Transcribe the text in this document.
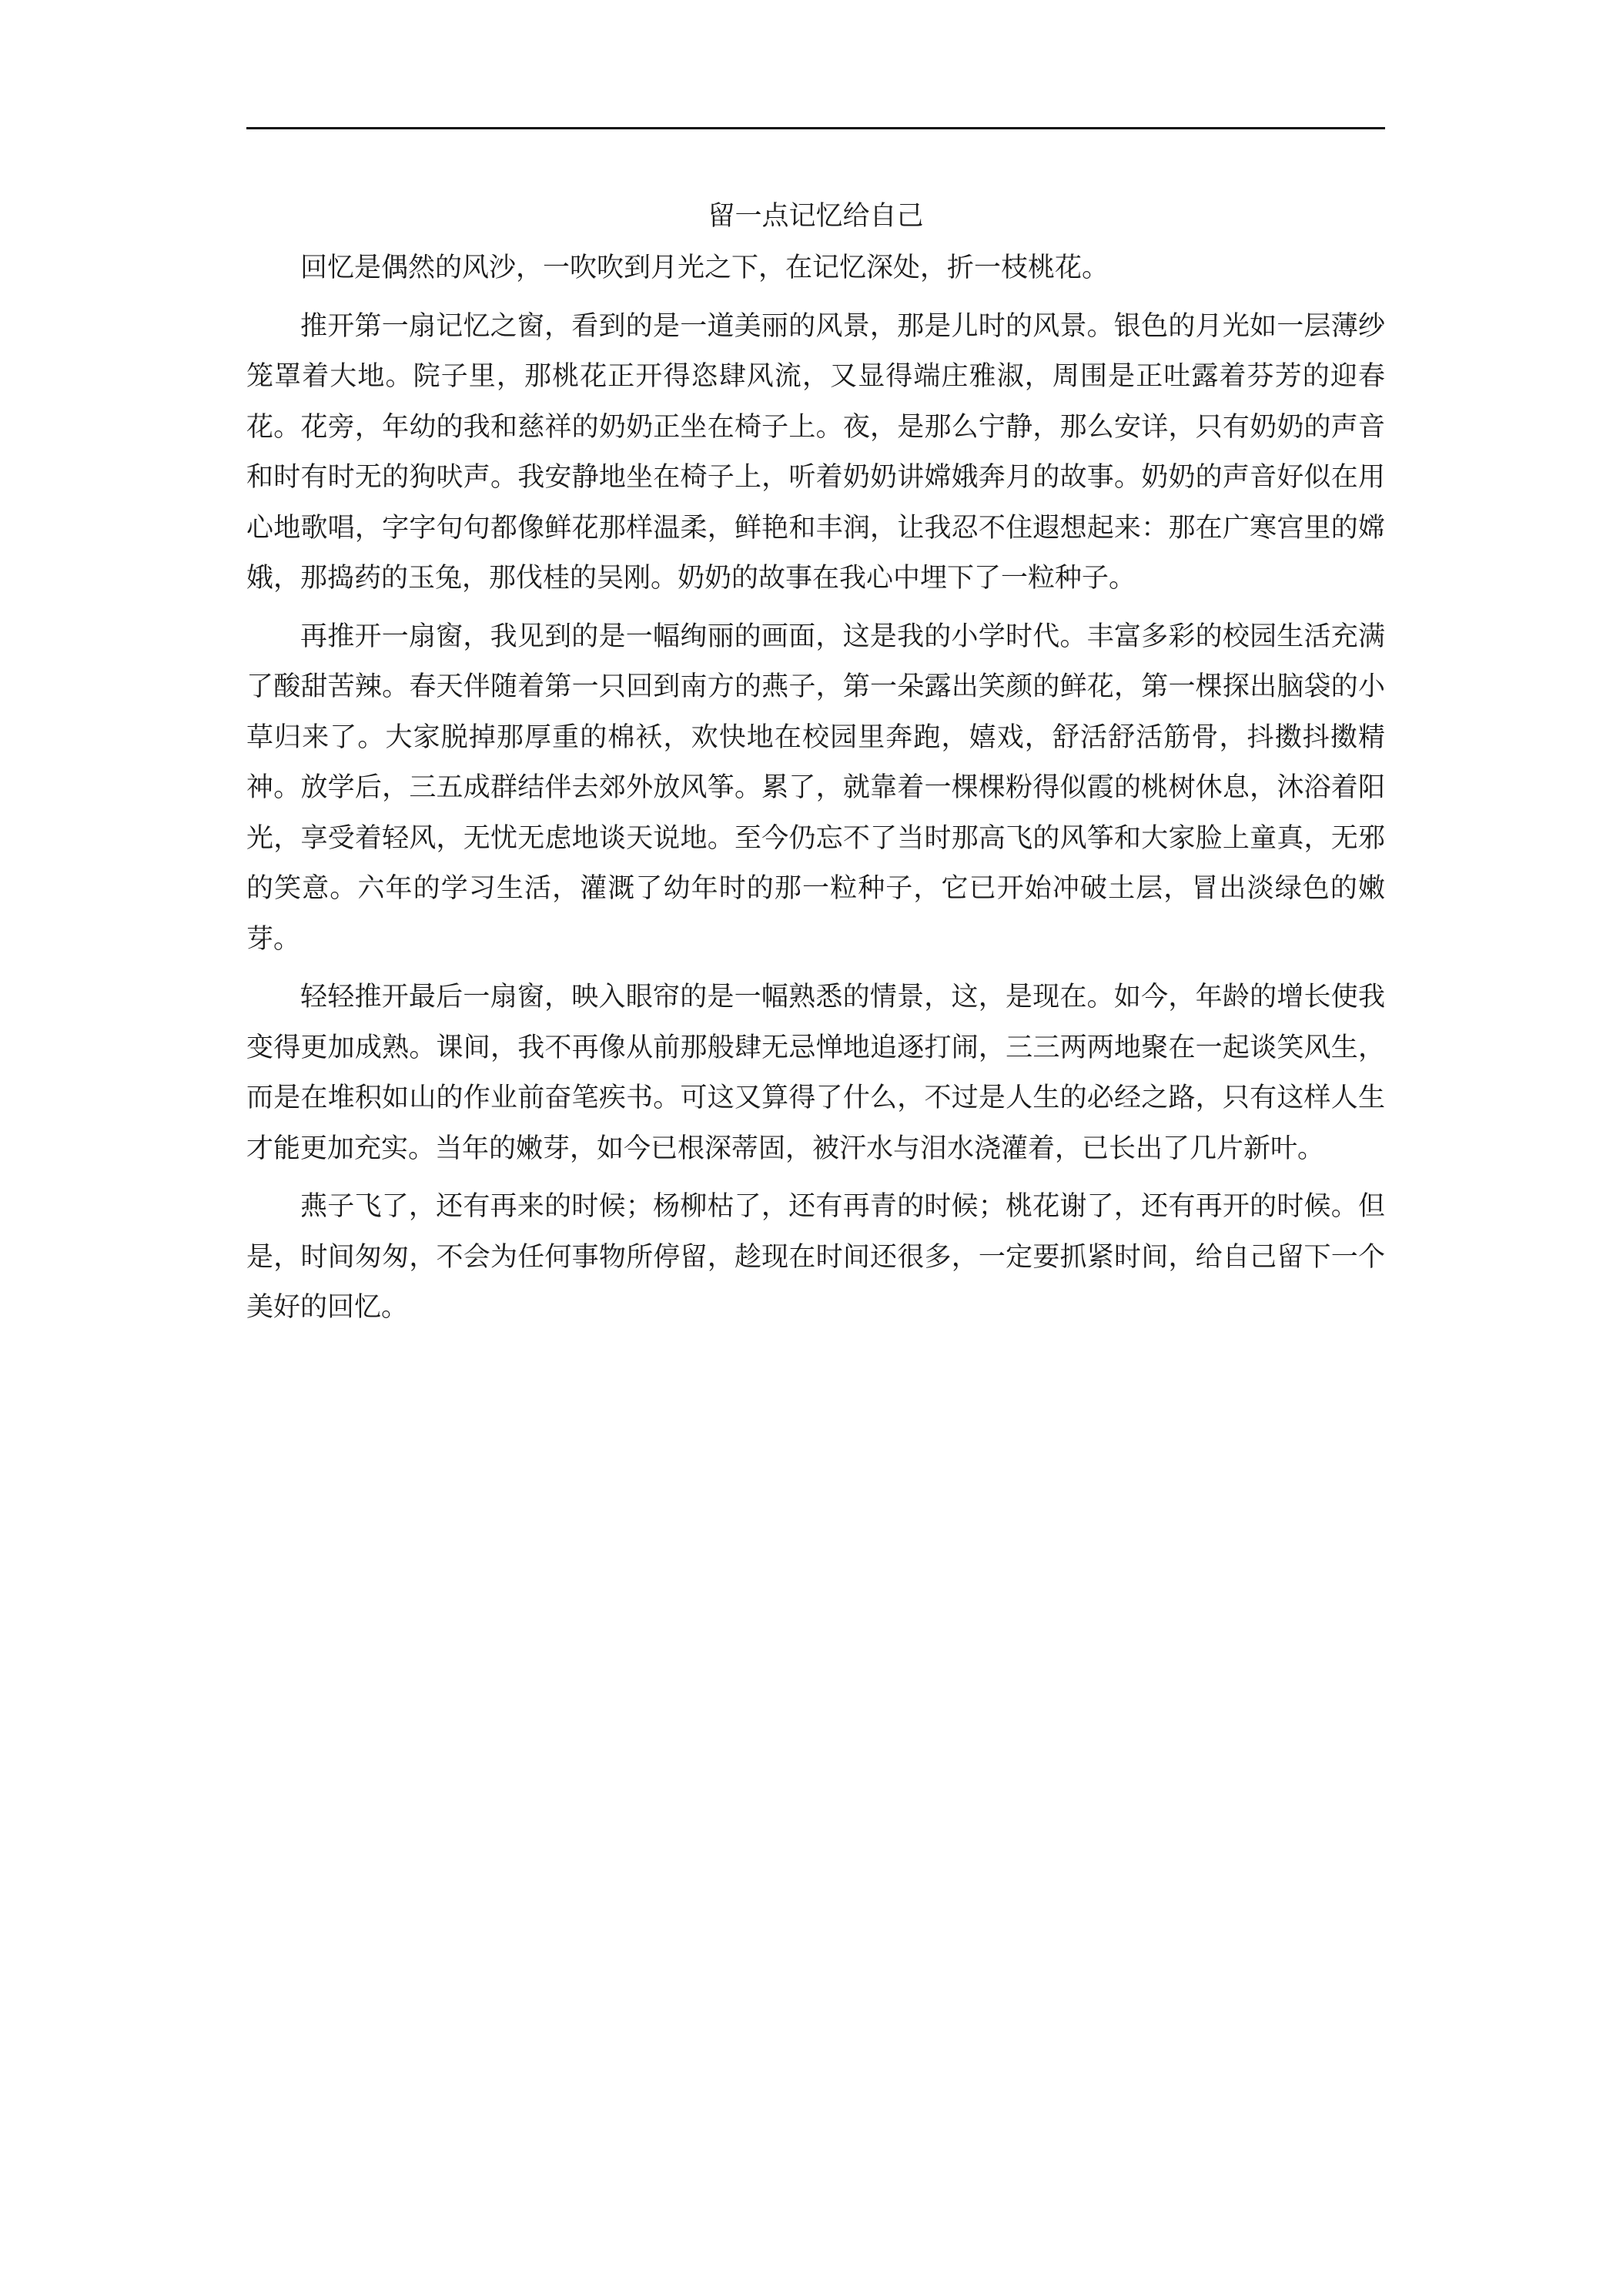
留一点记忆给自己

回忆是偶然的风沙，一吹吹到月光之下，在记忆深处，折一枝桃花。

推开第一扇记忆之窗，看到的是一道美丽的风景，那是儿时的风景。银色的月光如一层薄纱笼罩着大地。院子里，那桃花正开得恣肆风流，又显得端庄雅淑，周围是正吐露着芬芳的迎春花。花旁，年幼的我和慈祥的奶奶正坐在椅子上。夜，是那么宁静，那么安详，只有奶奶的声音和时有时无的狗吠声。我安静地坐在椅子上，听着奶奶讲嫦娥奔月的故事。奶奶的声音好似在用心地歌唱，字字句句都像鲜花那样温柔，鲜艳和丰润，让我忍不住遐想起来：那在广寒宫里的嫦娥，那捣药的玉兔，那伐桂的吴刚。奶奶的故事在我心中埋下了一粒种子。

再推开一扇窗，我见到的是一幅绚丽的画面，这是我的小学时代。丰富多彩的校园生活充满了酸甜苦辣。春天伴随着第一只回到南方的燕子，第一朵露出笑颜的鲜花，第一棵探出脑袋的小草归来了。大家脱掉那厚重的棉袄，欢快地在校园里奔跑，嬉戏，舒活舒活筋骨，抖擞抖擞精神。放学后，三五成群结伴去郊外放风筝。累了，就靠着一棵棵粉得似霞的桃树休息，沐浴着阳光，享受着轻风，无忧无虑地谈天说地。至今仍忘不了当时那高飞的风筝和大家脸上童真，无邪的笑意。六年的学习生活，灌溉了幼年时的那一粒种子，它已开始冲破土层，冒出淡绿色的嫩芽。

轻轻推开最后一扇窗，映入眼帘的是一幅熟悉的情景，这，是现在。如今，年龄的增长使我变得更加成熟。课间，我不再像从前那般肆无忌惮地追逐打闹，三三两两地聚在一起谈笑风生，而是在堆积如山的作业前奋笔疾书。可这又算得了什么，不过是人生的必经之路，只有这样人生才能更加充实。当年的嫩芽，如今已根深蒂固，被汗水与泪水浇灌着，已长出了几片新叶。

燕子飞了，还有再来的时候；杨柳枯了，还有再青的时候；桃花谢了，还有再开的时候。但是，时间匆匆，不会为任何事物所停留，趁现在时间还很多，一定要抓紧时间，给自己留下一个美好的回忆。
